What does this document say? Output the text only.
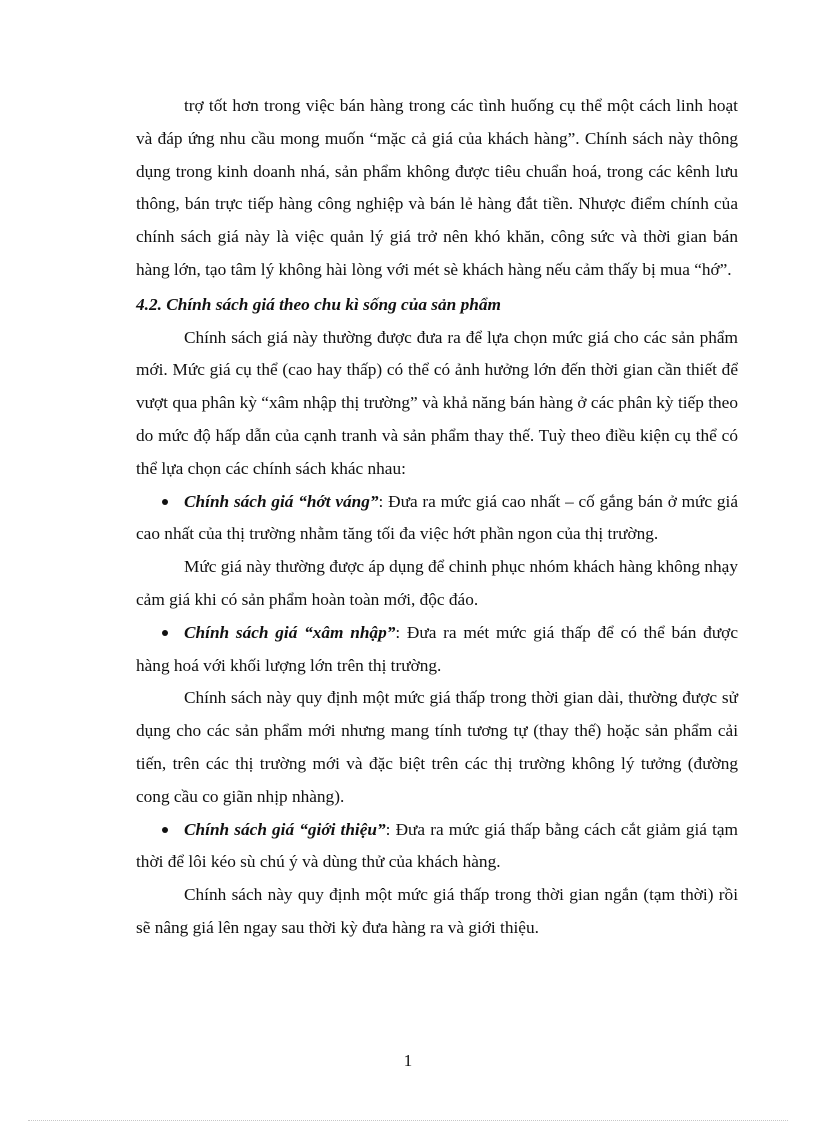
trợ tốt hơn trong việc bán hàng trong các tình huống cụ thể một cách linh hoạt và đáp ứng nhu cầu mong muốn “mặc cả giá của khách hàng”. Chính sách này thông dụng trong kinh doanh nhá, sản phẩm không được tiêu chuẩn hoá, trong các kênh lưu thông, bán trực tiếp hàng công nghiệp và bán lẻ hàng đắt tiền. Nhược điểm chính của chính sách giá này là việc quản lý giá trở nên khó khăn, công sức và thời gian bán hàng lớn, tạo tâm lý không hài lòng với mét sè khách hàng nếu cảm thấy bị mua “hớ”.

4.2. Chính sách giá theo chu kì sống của sản phẩm

Chính sách giá này thường được đưa ra để lựa chọn mức giá cho các sản phẩm mới. Mức giá cụ thể (cao hay thấp) có thể có ảnh hưởng lớn đến thời gian cần thiết để vượt qua phân kỳ “xâm nhập thị trường” và khả năng bán hàng ở các phân kỳ tiếp theo do mức độ hấp dẫn của cạnh tranh và sản phẩm thay thế. Tuỳ theo điều kiện cụ thể có thể lựa chọn các chính sách khác nhau:

Chính sách giá “hớt váng”: Đưa ra mức giá cao nhất – cố gắng bán ở mức giá cao nhất của thị trường nhằm tăng tối đa việc hớt phần ngon của thị trường.

Mức giá này thường được áp dụng để chinh phục nhóm khách hàng không nhạy cảm giá khi có sản phẩm hoàn toàn mới, độc đáo.

Chính sách giá “xâm nhập”: Đưa ra mét mức giá thấp để có thể bán được hàng hoá với khối lượng lớn trên thị trường.

Chính sách này quy định một mức giá thấp trong thời gian dài, thường được sử dụng cho các sản phẩm mới nhưng mang tính tương tự (thay thế) hoặc sản phẩm cải tiến, trên các thị trường mới và đặc biệt trên các thị trường không lý tưởng (đường cong cầu co giãn nhịp nhàng).

Chính sách giá “giới thiệu”: Đưa ra mức giá thấp bằng cách cắt giảm giá tạm thời để lôi kéo sù chú ý và dùng thử của khách hàng.

Chính sách này quy định một mức giá thấp trong thời gian ngắn (tạm thời) rồi sẽ nâng giá lên ngay sau thời kỳ đưa hàng ra và giới thiệu.

1
